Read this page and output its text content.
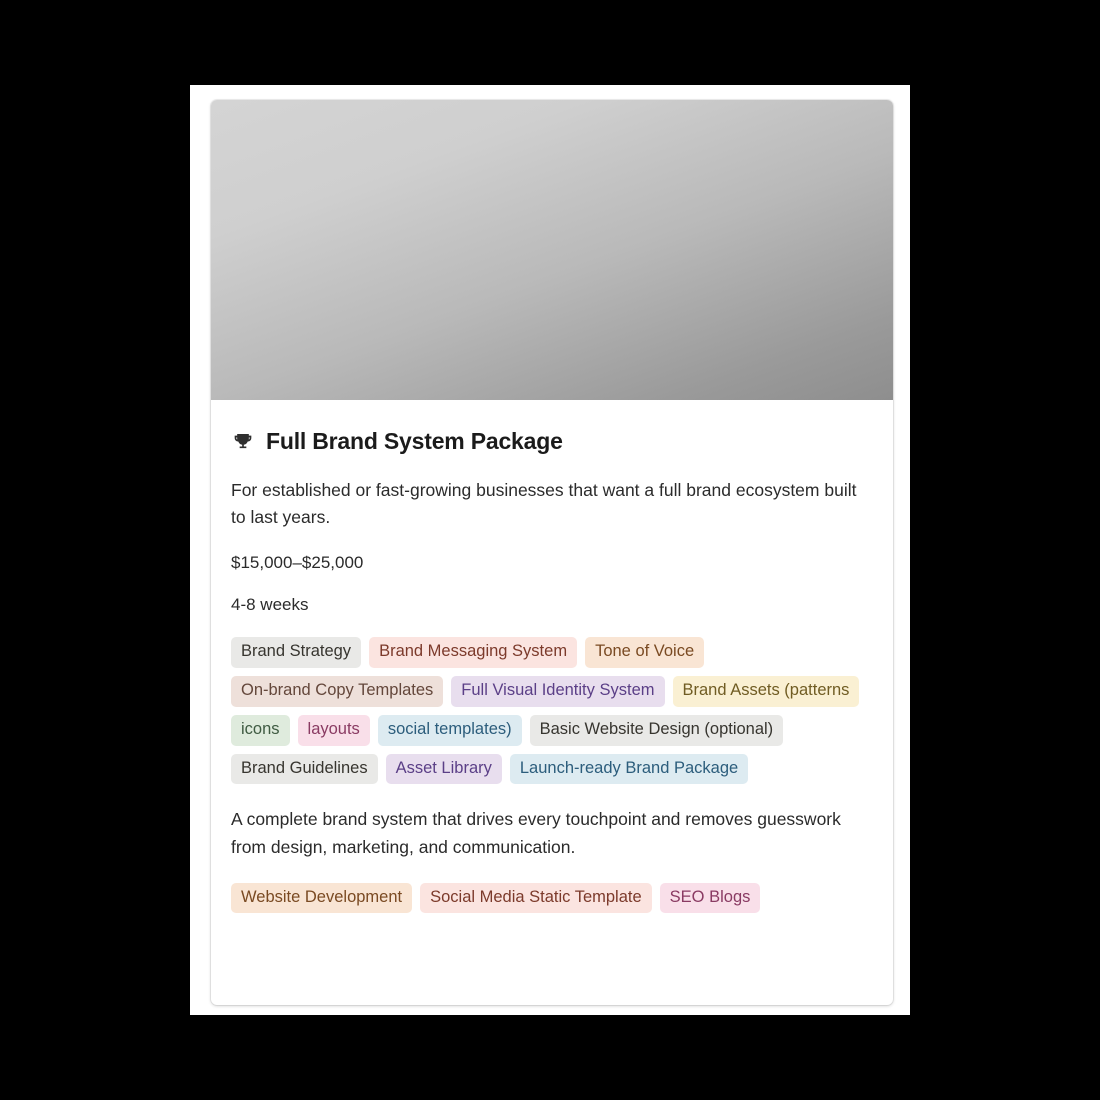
Full Brand System Package

For established or fast-growing businesses that want a full brand ecosystem built to last years.

$15,000–$25,000

4-8 weeks

Brand Strategy	Brand Messaging System	Tone of Voice
On-brand Copy Templates	Full Visual Identity System	Brand Assets (patterns
icons	layouts	social templates)	Basic Website Design (optional)
Brand Guidelines	Asset Library	Launch-ready Brand Package

A complete brand system that drives every touchpoint and removes guesswork from design, marketing, and communication.

Website Development	Social Media Static Template	SEO Blogs
